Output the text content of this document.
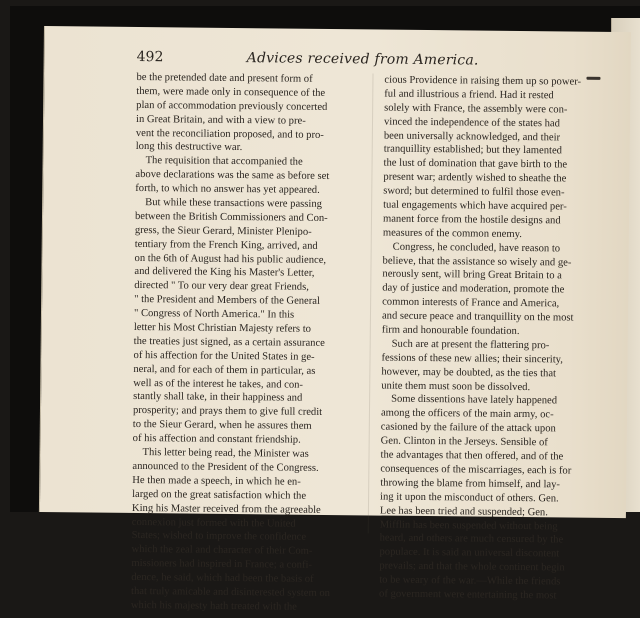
492	Advices received from America.
be the pretended date and present form of
them, were made only in consequence of the
plan of accommodation previously concerted
in Great Britain, and with a view to pre-
vent the reconciliation proposed, and to pro-
long this destructive war.
The requisition that accompanied the
above declarations was the same as before set
forth, to which no answer has yet appeared.
But while these transactions were passing
between the British Commissioners and Con-
gress, the Sieur Gerard, Minister Plenipo-
tentiary from the French King, arrived, and
on the 6th of August had his public audience,
and delivered the King his Master's Letter,
directed " To our very dear great Friends,
" the President and Members of the General
" Congress of North America." In this
letter his Most Christian Majesty refers to
the treaties just signed, as a certain assurance
of his affection for the United States in ge-
neral, and for each of them in particular, as
well as of the interest he takes, and con-
stantly shall take, in their happiness and
prosperity; and prays them to give full credit
to the Sieur Gerard, when he assures them
of his affection and constant friendship.
This letter being read, the Minister was
announced to the President of the Congress.
He then made a speech, in which he en-
larged on the great satisfaction which the
King his Master received from the agreeable
connexion just formed with the United
States; wished to improve the confidence
which the zeal and character of their Com-
missioners had inspired in France; a confi-
dence, he said, which had been the basis of
that truly amicable and disinterested system on
which his majesty hath treated with the
cious Providence in raising them up so power-
ful and illustrious a friend. Had it rested
solely with France, the assembly were con-
vinced the independence of the states had
been universally acknowledged, and their
tranquillity established; but they lamented
the lust of domination that gave birth to the
present war; ardently wished to sheathe the
sword; but determined to fulfil those even-
tual engagements which have acquired per-
manent force from the hostile designs and
measures of the common enemy.
Congress, he concluded, have reason to
believe, that the assistance so wisely and ge-
nerously sent, will bring Great Britain to a
day of justice and moderation, promote the
common interests of France and America,
and secure peace and tranquillity on the most
firm and honourable foundation.
Such are at present the flattering pro-
fessions of these new allies; their sincerity,
however, may be doubted, as the ties that
unite them must soon be dissolved.
Some dissentions have lately happened
among the officers of the main army, oc-
casioned by the failure of the attack upon
Gen. Clinton in the Jerseys. Sensible of
the advantages that then offered, and of the
consequences of the miscarriages, each is for
throwing the blame from himself, and lay-
ing it upon the misconduct of others. Gen.
Lee has been tried and suspended; Gen.
Mifflin has been suspended without being
heard, and others are much censured by the
populace. It is said an universal discontent
prevails; and that the whole continent begin
to be weary of the war.—While the friends
of government were entertaining the most
